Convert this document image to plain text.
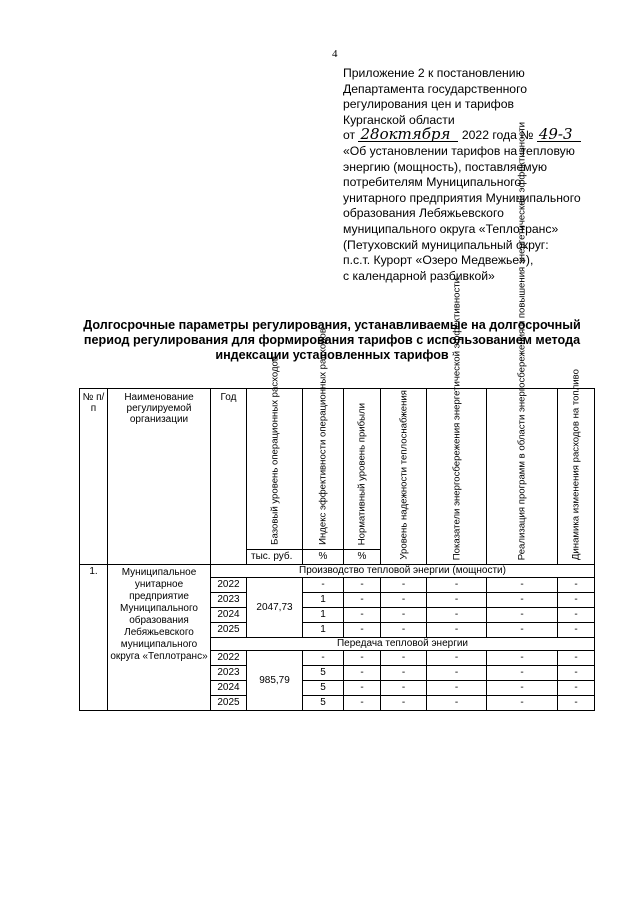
4
Приложение 2 к постановлению
Департамента государственного
регулирования цен и тарифов
Курганской области
от 28октября 2022 года № 49-3
«Об установлении тарифов на тепловую
энергию (мощность), поставляемую
потребителям Муниципального
унитарного предприятия Муниципального
образования Лебяжьевского
муниципального округа «Теплотранс»
(Петуховский муниципальный округ:
п.с.т. Курорт «Озеро Медвежье»),
с календарной разбивкой»
Долгосрочные параметры регулирования, устанавливаемые на долгосрочный
период регулирования для формирования тарифов с использованием метода
индексации установленных тарифов
№ п/п	Наименование регулируемой организации	Год	Базовый уровень операционных расходов	Индекс эффективности операционных расходов	Нормативный уровень прибыли	Уровень надежности теплоснабжения	Показатели энергосбережения энергетической эффективности	Реализация программ в области энергосбережения и повышения энергетической эффективности	Динамика изменения расходов на топливо

			тыс. руб.	%	%				
1.	Муниципальное унитарное предприятие Муниципального образования Лебяжьевского муниципального округа «Теплотранс»	Производство тепловой энергии (мощности)							
		2022	2047,73	-	-	-	-	-	-
		2023		1	-	-	-	-	-
		2024		1	-	-	-	-	-
		2025		1	-	-	-	-	-
		Передача тепловой энергии							
		2022	985,79	-	-	-	-	-	-
		2023		5	-	-	-	-	-
		2024		5	-	-	-	-	-
		2025		5	-	-	-	-	-
